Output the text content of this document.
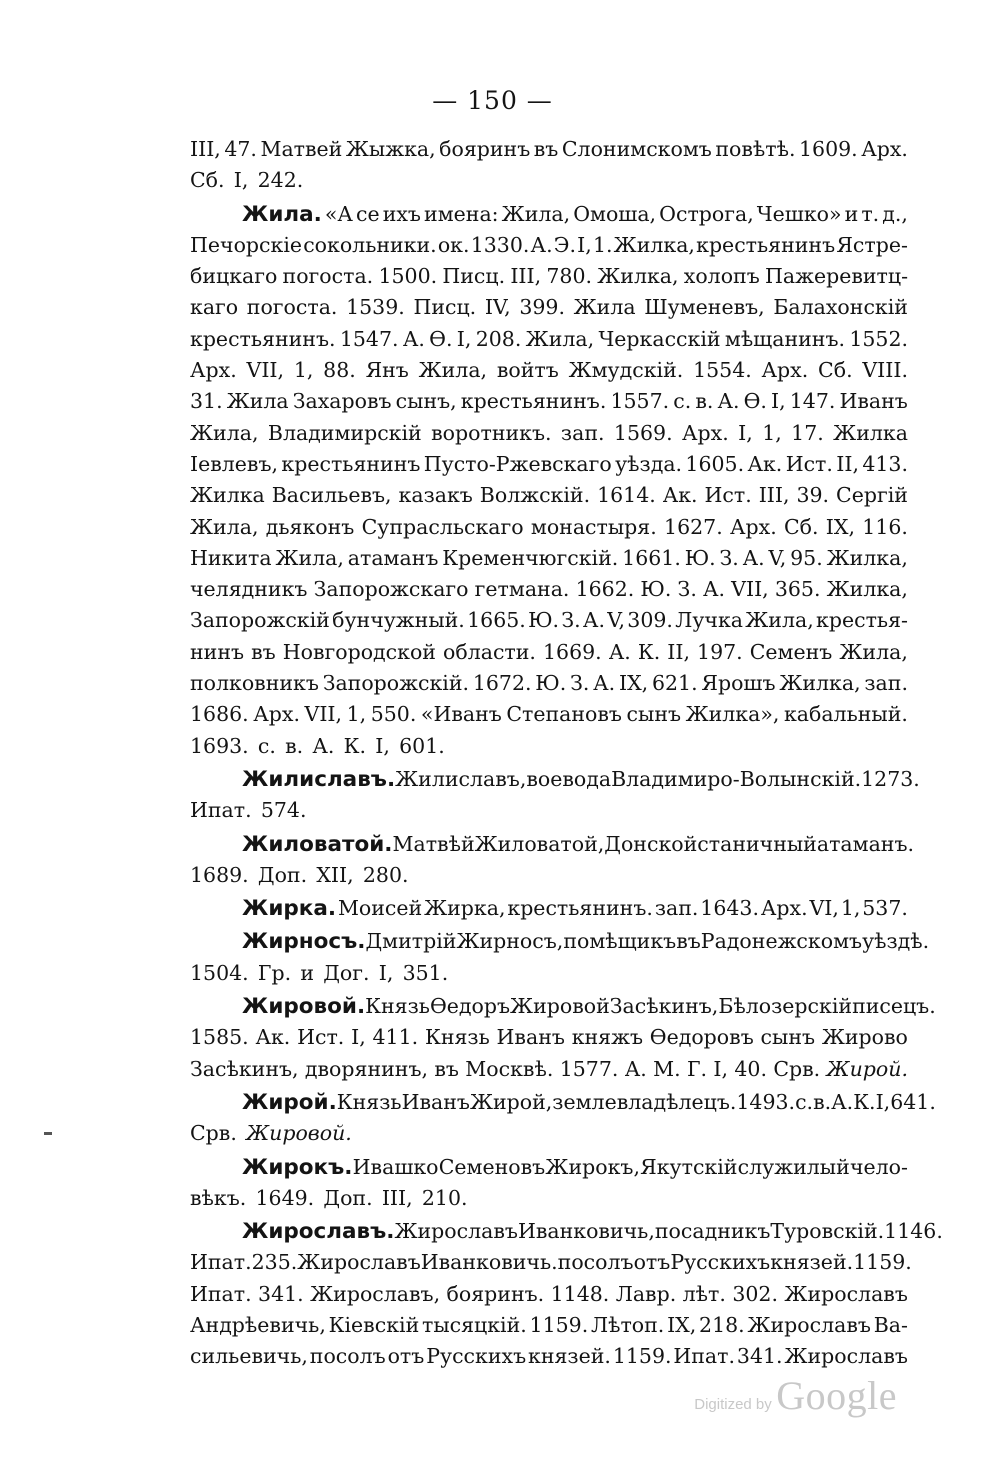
— 150 —
III, 47. Матвей Жыжка, бояринъ въ Слонимскомъ повѣтѣ. 1609. Арх.
Сб. I, 242.
Жила. «А се ихъ имена: Жила, Омоша, Острога, Чешко» и т. д.,
Печорскіе сокольники. ок. 1330. А. Э. I, 1. Жилка, крестьянинъ Ястре-
бицкаго погоста. 1500. Писц. III, 780. Жилка, холопъ Пажеревитц-
каго погоста. 1539. Писц. IV, 399. Жила Шуменевъ, Балахонскій
крестьянинъ. 1547. А. Ѳ. I, 208. Жила, Черкасскій мѣщанинъ. 1552.
Арх. VII, 1, 88. Янъ Жила, войтъ Жмудскій. 1554. Арх. Сб. VIII.
31. Жила Захаровъ сынъ, крестьянинъ. 1557. с. в. А. Ѳ. I, 147. Иванъ
Жила, Владимирскій воротникъ. зап. 1569. Арх. I, 1, 17. Жилка
Іевлевъ, крестьянинъ Пусто-Ржевскаго уѣзда. 1605. Ак. Ист. II, 413.
Жилка Васильевъ, казакъ Волжскій. 1614. Ак. Ист. III, 39. Сергій
Жила, дьяконъ Супрасльскаго монастыря. 1627. Арх. Сб. IX, 116.
Никита Жила, атаманъ Кременчюгскій. 1661. Ю. З. А. V, 95. Жилка,
челядникъ Запорожскаго гетмана. 1662. Ю. З. А. VII, 365. Жилка,
Запорожскій бунчужный. 1665. Ю. З. А. V, 309. Лучка Жила, крестья-
нинъ въ Новгородской области. 1669. А. К. II, 197. Семенъ Жила,
полковникъ Запорожскій. 1672. Ю. З. А. IX, 621. Ярошъ Жилка, зап.
1686. Арх. VII, 1, 550. «Иванъ Степановъ сынъ Жилка», кабальный.
1693. с. в. А. К. I, 601.
Жилиславъ. Жилиславъ, воевода Владимиро-Волынскій. 1273.
Ипат. 574.
Жиловатой. Матвѣй Жиловатой, Донской станичный атаманъ.
1689. Доп. XII, 280.
Жирка. Моисей Жирка, крестьянинъ. зап. 1643. Арх. VI, 1, 537.
Жирносъ. Дмитрій Жирносъ, помѣщикъ въ Радонежскомъ уѣздѣ.
1504. Гр. и Дог. I, 351.
Жировой. Князь Ѳедоръ Жировой Засѣкинъ, Бѣлозерскій писецъ.
1585. Ак. Ист. I, 411. Князь Иванъ княжъ Ѳедоровъ сынъ Жирово
Засѣкинъ, дворянинъ, въ Москвѣ. 1577. А. М. Г. I, 40. Срв. Жирой.
Жирой. Князь Иванъ Жирой, землевладѣлецъ. 1493. с. в. А. К. I, 641.
Срв. Жировой.
Жирокъ. Ивашко Семеновъ Жирокъ, Якутскій служилый чело-
вѣкъ. 1649. Доп. III, 210.
Жирославъ. Жирославъ Иванковичь, посадникъ Туровскій. 1146.
Ипат. 235. Жирославъ Иванковичь. посолъ отъ Русскихъ князей. 1159.
Ипат. 341. Жирославъ, бояринъ. 1148. Лавр. лѣт. 302. Жирославъ
Андрѣевичь, Кіевскій тысяцкій. 1159. Лѣтоп. IX, 218. Жирославъ Ва-
сильевичь, посолъ отъ Русскихъ князей. 1159. Ипат. 341. Жирославъ
Digitized by Google
